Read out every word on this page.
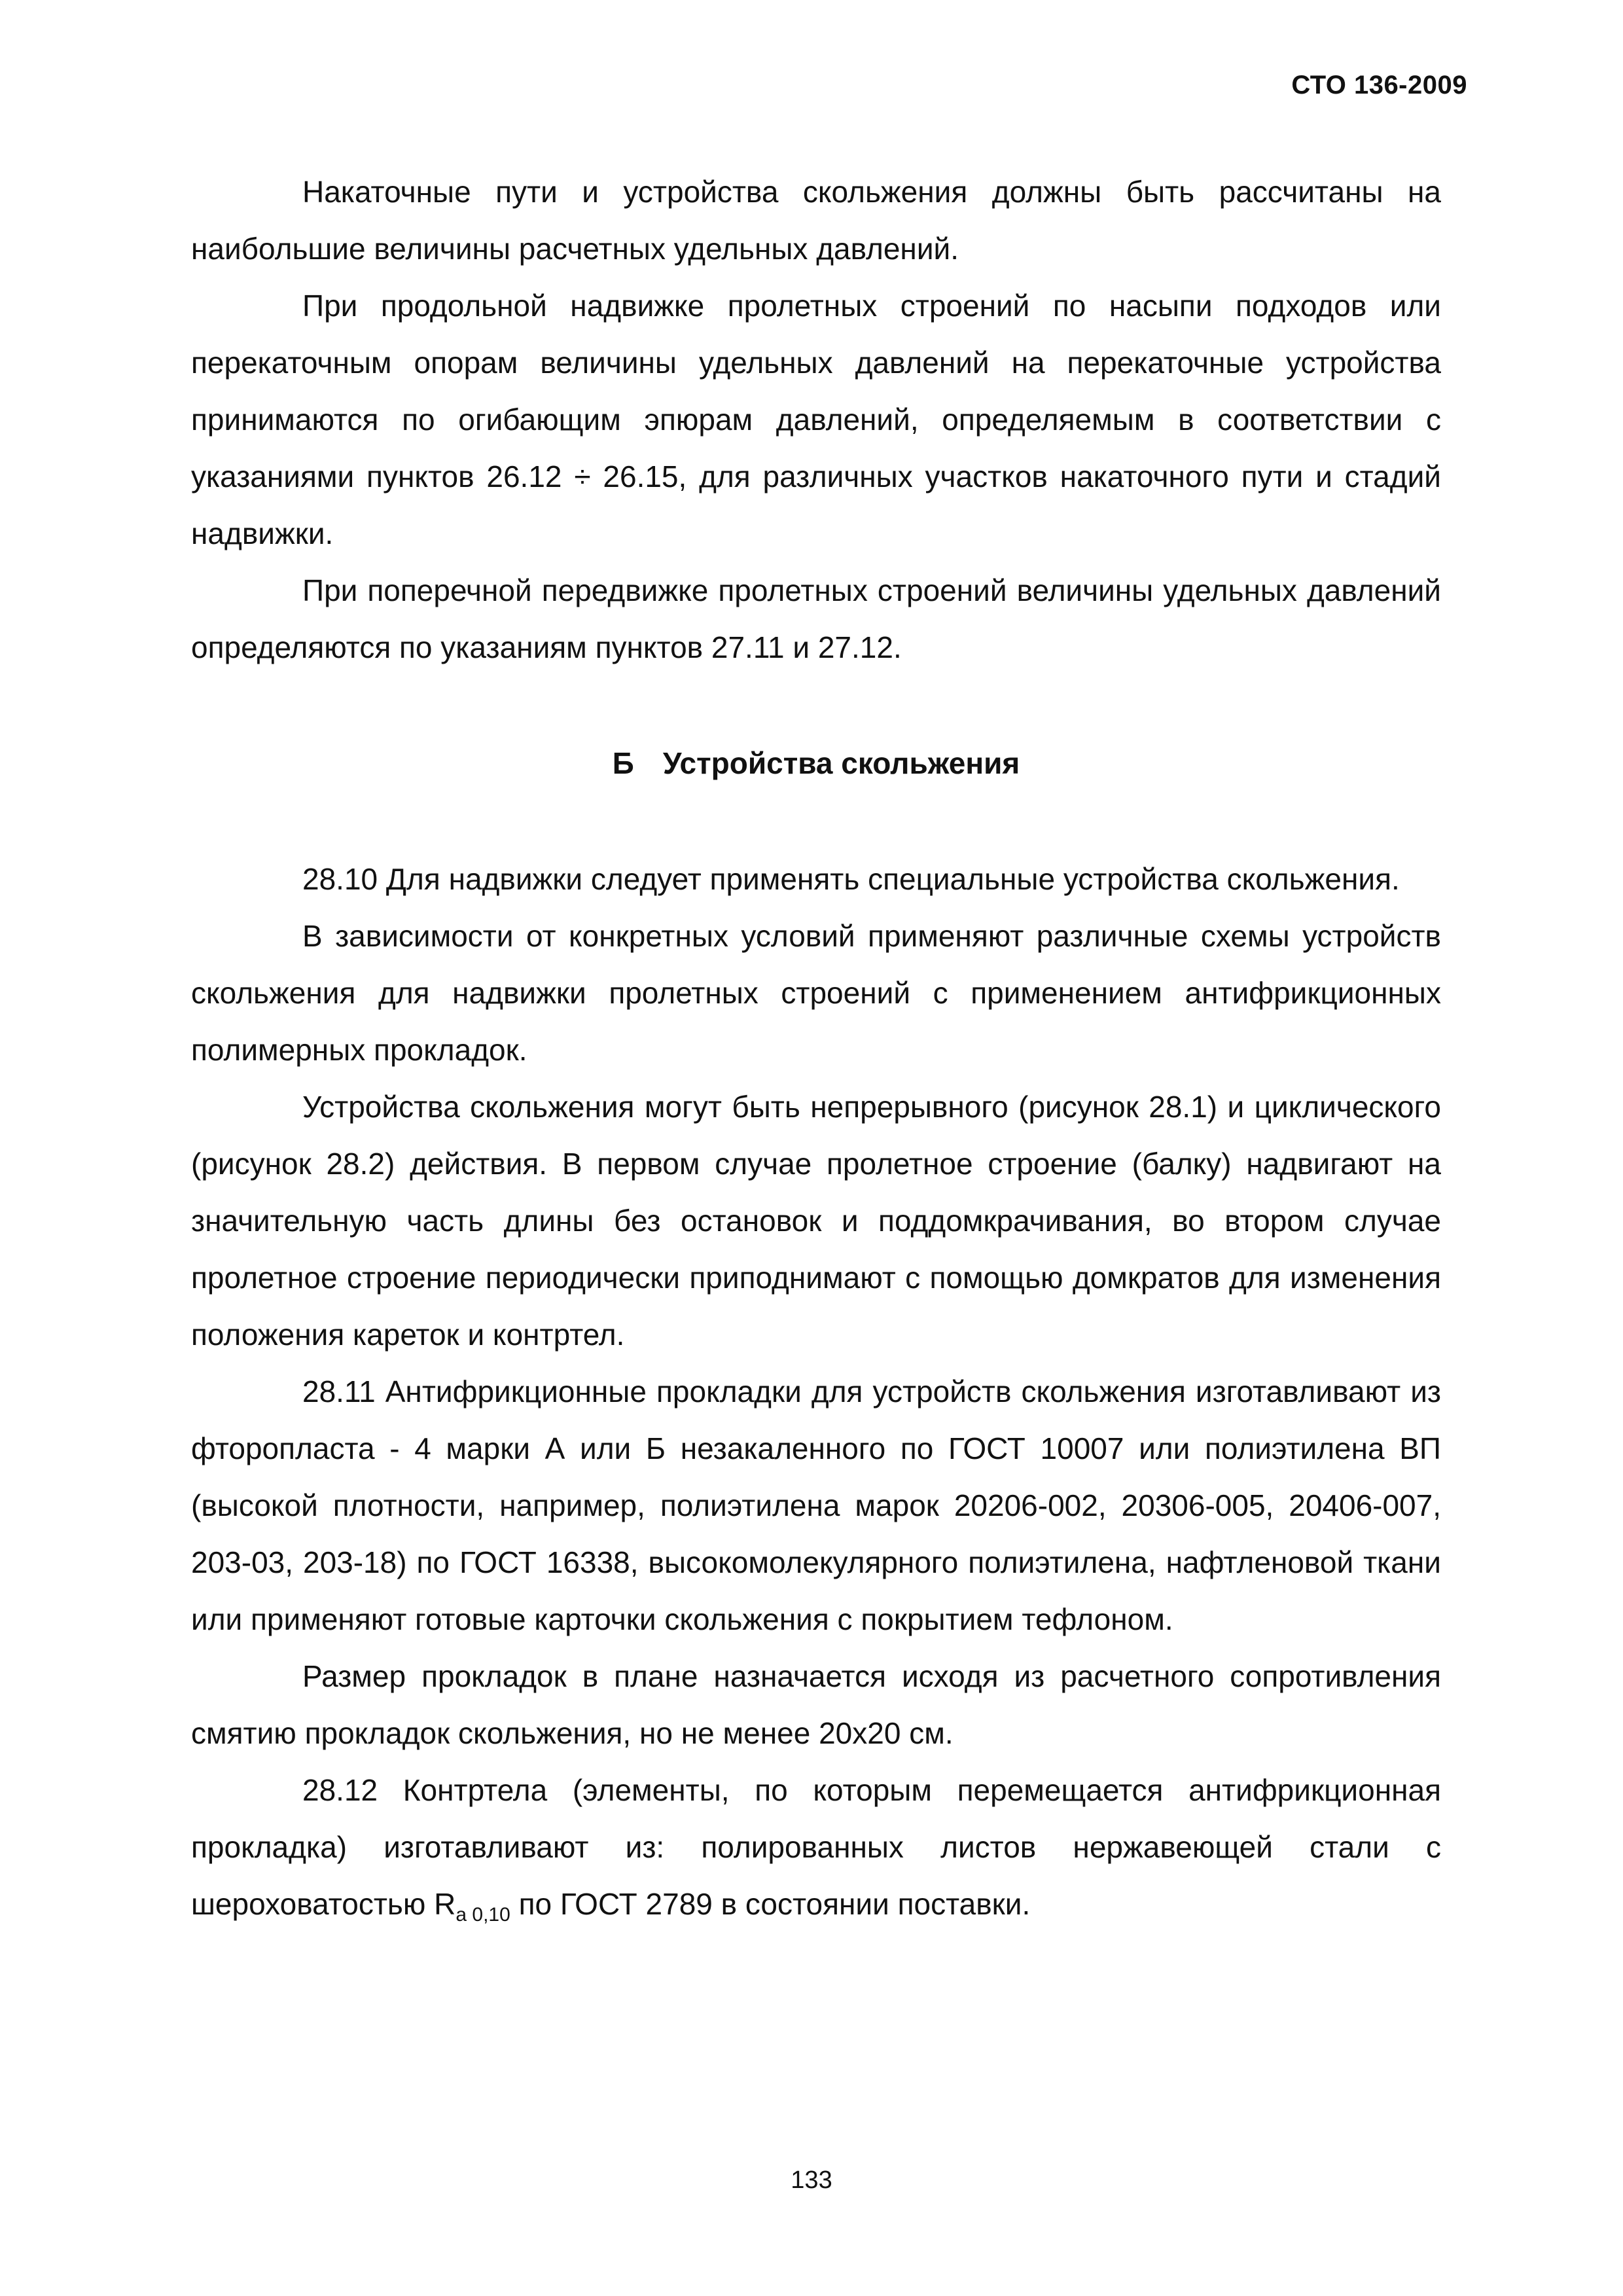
СТО 136-2009

Накаточные пути и устройства скольжения должны быть рассчитаны на наибольшие величины расчетных удельных давлений.

При продольной надвижке пролетных строений по насыпи подходов или перекаточным опорам величины удельных давлений на перекаточные устройства принимаются по огибающим эпюрам давлений, определяемым в соответствии с указаниями пунктов 26.12 ÷ 26.15, для различных участков накаточного пути и стадий надвижки.

При поперечной передвижке пролетных строений величины удельных давлений определяются по указаниям пунктов 27.11 и 27.12.

Б Устройства скольжения

28.10 Для надвижки следует применять специальные устройства скольжения.

В зависимости от конкретных условий применяют различные схемы устройств скольжения для надвижки пролетных строений с применением антифрикционных полимерных прокладок.

Устройства скольжения могут быть непрерывного (рисунок 28.1) и циклического (рисунок 28.2) действия. В первом случае пролетное строение (балку) надвигают на значительную часть длины без остановок и поддомкрачивания, во втором случае пролетное строение периодически приподнимают с помощью домкратов для изменения положения кареток и контртел.

28.11 Антифрикционные прокладки для устройств скольжения изготавливают из фторопласта - 4 марки А или Б незакаленного по ГОСТ 10007 или полиэтилена ВП (высокой плотности, например, полиэтилена марок 20206-002, 20306-005, 20406-007, 203-03, 203-18) по ГОСТ 16338, высокомолекулярного полиэтилена, нафтленовой ткани или применяют готовые карточки скольжения с покрытием тефлоном.

Размер прокладок в плане назначается исходя из расчетного сопротивления смятию прокладок скольжения, но не менее 20х20 см.

28.12 Контртела (элементы, по которым перемещается антифрикционная прокладка) изготавливают из: полированных листов нержавеющей стали с шероховатостью $R_{a 0,10}$ по ГОСТ 2789 в состоянии поставки.

133
